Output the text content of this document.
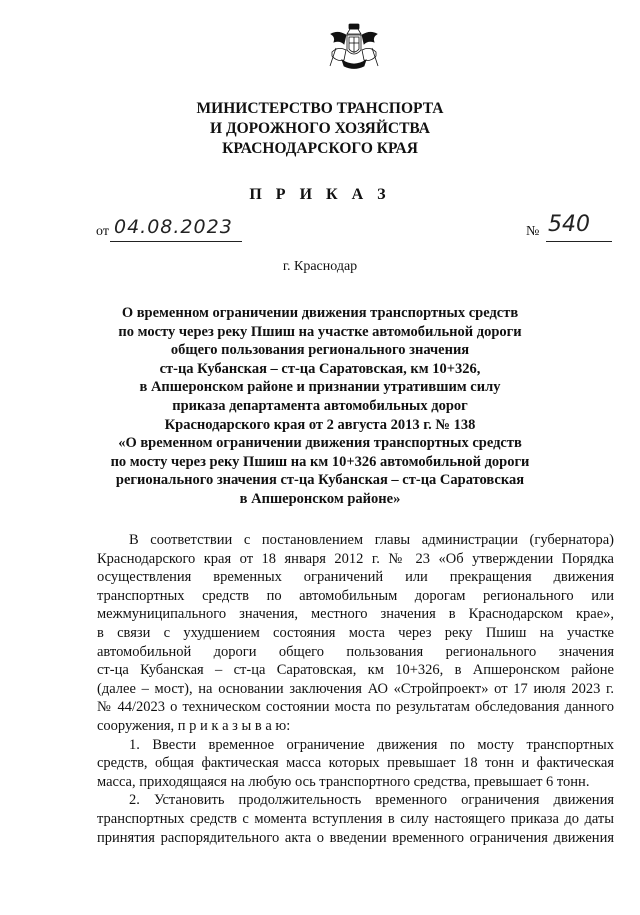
МИНИСТЕРСТВО ТРАНСПОРТА
И ДОРОЖНОГО ХОЗЯЙСТВА
КРАСНОДАРСКОГО КРАЯ
П Р И К А З
от 04.08.2023	№ 540
г. Краснодар
О временном ограничении движения транспортных средств
по мосту через реку Пшиш на участке автомобильной дороги
общего пользования регионального значения
ст-ца Кубанская – ст-ца Саратовская, км 10+326,
в Апшеронском районе и признании утратившим силу
приказа департамента автомобильных дорог
Краснодарского края от 2 августа 2013 г. № 138
«О временном ограничении движения транспортных средств
по мосту через реку Пшиш на км 10+326 автомобильной дороги
регионального значения ст-ца Кубанская – ст-ца Саратовская
в Апшеронском районе»
В соответствии с постановлением главы администрации (губернатора)
Краснодарского края от 18 января 2012 г. № 23 «Об утверждении Порядка
осуществления временных ограничений или прекращения движения
транспортных средств по автомобильным дорогам регионального или
межмуниципального значения, местного значения в Краснодарском крае»,
в связи с ухудшением состояния моста через реку Пшиш на участке
автомобильной дороги общего пользования регионального значения
ст-ца Кубанская – ст-ца Саратовская, км 10+326, в Апшеронском районе
(далее – мост), на основании заключения АО «Стройпроект» от 17 июля 2023 г.
№ 44/2023 о техническом состоянии моста по результатам обследования данного
сооружения, п р и к а з ы в а ю:
1. Ввести временное ограничение движения по мосту транспортных
средств, общая фактическая масса которых превышает 18 тонн и фактическая
масса, приходящаяся на любую ось транспортного средства, превышает 6 тонн.
2. Установить продолжительность временного ограничения движения
транспортных средств с момента вступления в силу настоящего приказа до даты
принятия распорядительного акта о введении временного ограничения движения
